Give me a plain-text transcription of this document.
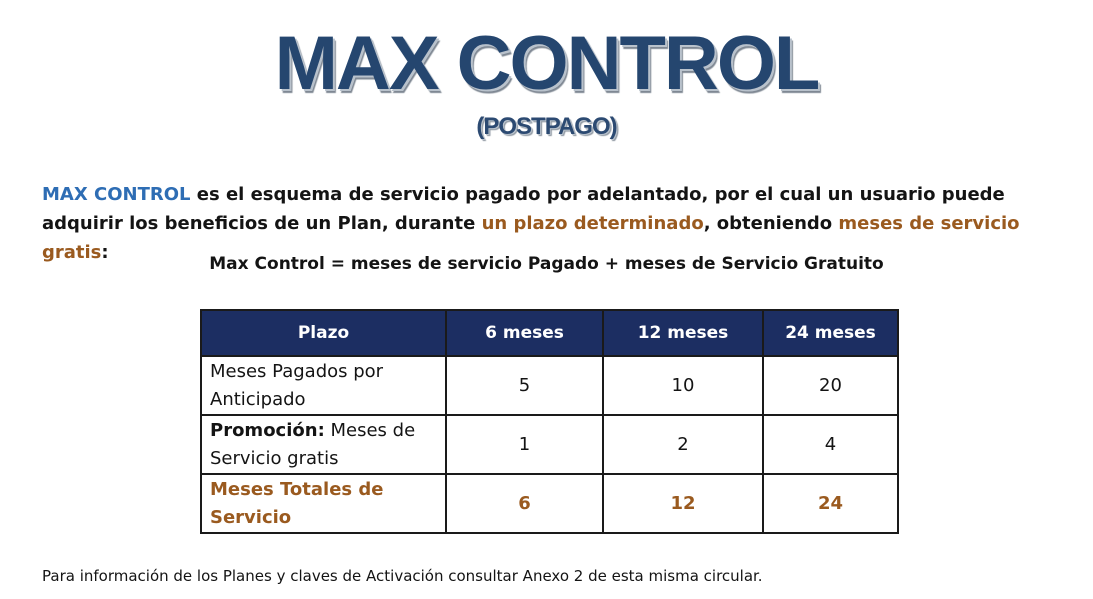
MAX CONTROL
(POSTPAGO)

MAX CONTROL es el esquema de servicio pagado por adelantado, por el cual un usuario puede adquirir los beneficios de un Plan, durante un plazo determinado, obteniendo meses de servicio gratis:

Max Control = meses de servicio Pagado + meses de Servicio Gratuito

Plazo	6 meses	12 meses	24 meses
Meses Pagados por Anticipado	5	10	20
Promoción: Meses de Servicio gratis	1	2	4
Meses Totales de Servicio	6	12	24

Para información de los Planes y claves de Activación consultar Anexo 2 de esta misma circular.
